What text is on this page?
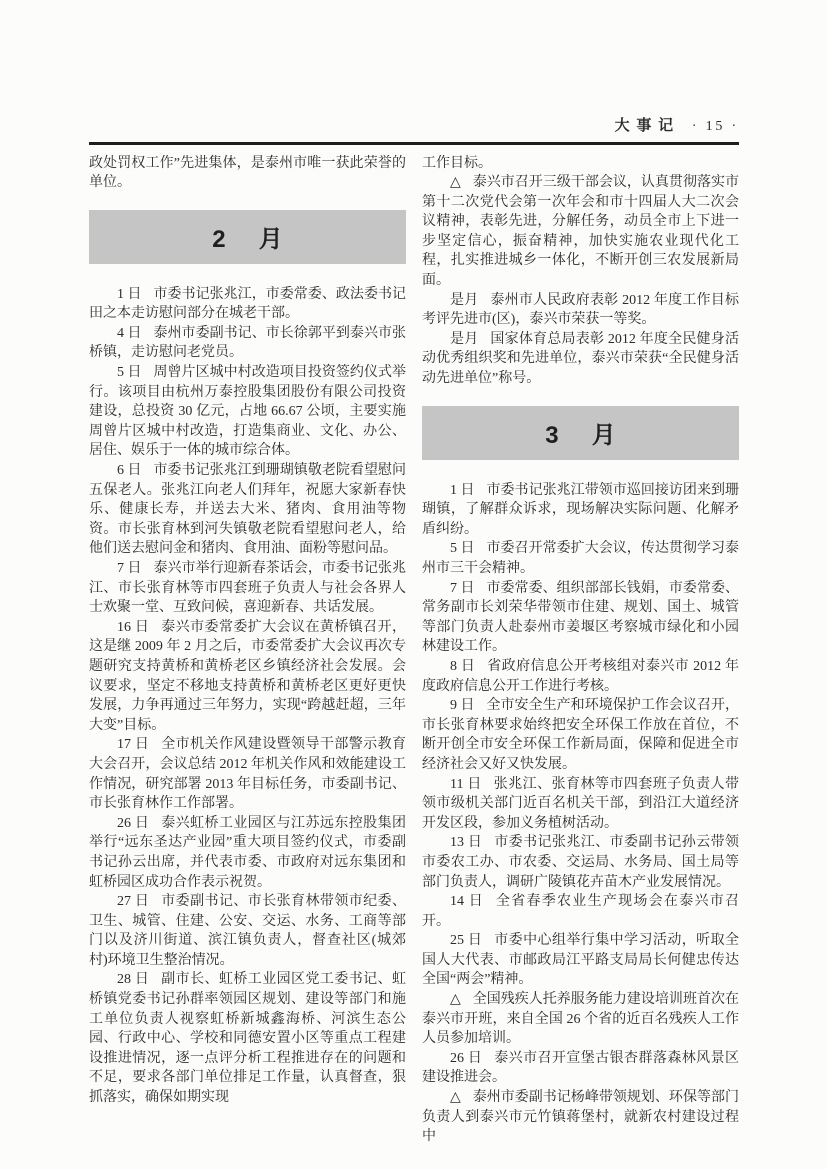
大事记 · 15 ·

政处罚权工作”先进集体，是泰州市唯一获此荣誉的单位。

2 月

1 日 市委书记张兆江，市委常委、政法委书记田之本走访慰问部分在城老干部。

4 日 泰州市委副书记、市长徐郭平到泰兴市张桥镇，走访慰问老党员。

5 日 周曾片区城中村改造项目投资签约仪式举行。该项目由杭州万泰控股集团股份有限公司投资建设，总投资 30 亿元，占地 66.67 公顷，主要实施周曾片区城中村改造，打造集商业、文化、办公、居住、娱乐于一体的城市综合体。

6 日 市委书记张兆江到珊瑚镇敬老院看望慰问五保老人。张兆江向老人们拜年，祝愿大家新春快乐、健康长寿，并送去大米、猪肉、食用油等物资。市长张育林到河失镇敬老院看望慰问老人，给他们送去慰问金和猪肉、食用油、面粉等慰问品。

7 日 泰兴市举行迎新春茶话会，市委书记张兆江、市长张育林等市四套班子负责人与社会各界人士欢聚一堂、互致问候，喜迎新春、共话发展。

16 日 泰兴市委常委扩大会议在黄桥镇召开，这是继 2009 年 2 月之后，市委常委扩大会议再次专题研究支持黄桥和黄桥老区乡镇经济社会发展。会议要求，坚定不移地支持黄桥和黄桥老区更好更快发展，力争再通过三年努力，实现“跨越赶超，三年大变”目标。

17 日 全市机关作风建设暨领导干部警示教育大会召开，会议总结 2012 年机关作风和效能建设工作情况，研究部署 2013 年目标任务，市委副书记、市长张育林作工作部署。

26 日 泰兴虹桥工业园区与江苏远东控股集团举行“远东圣达产业园”重大项目签约仪式，市委副书记孙云出席，并代表市委、市政府对远东集团和虹桥园区成功合作表示祝贺。

27 日 市委副书记、市长张育林带领市纪委、卫生、城管、住建、公安、交运、水务、工商等部门以及济川街道、滨江镇负责人，督查社区(城郊村)环境卫生整治情况。

28 日 副市长、虹桥工业园区党工委书记、虹桥镇党委书记孙群率领园区规划、建设等部门和施工单位负责人视察虹桥新城鑫海桥、河滨生态公园、行政中心、学校和同德安置小区等重点工程建设推进情况，逐一点评分析工程推进存在的问题和不足，要求各部门单位排足工作量，认真督查，狠抓落实，确保如期实现

工作目标。

△ 泰兴市召开三级干部会议，认真贯彻落实市第十二次党代会第一次年会和市十四届人大二次会议精神，表彰先进，分解任务，动员全市上下进一步坚定信心，振奋精神，加快实施农业现代化工程，扎实推进城乡一体化，不断开创三农发展新局面。

是月 泰州市人民政府表彰 2012 年度工作目标考评先进市(区)，泰兴市荣获一等奖。

是月 国家体育总局表彰 2012 年度全民健身活动优秀组织奖和先进单位，泰兴市荣获“全民健身活动先进单位”称号。

3 月

1 日 市委书记张兆江带领市巡回接访团来到珊瑚镇，了解群众诉求，现场解决实际问题、化解矛盾纠纷。

5 日 市委召开常委扩大会议，传达贯彻学习泰州市三干会精神。

7 日 市委常委、组织部部长钱娟，市委常委、常务副市长刘荣华带领市住建、规划、国土、城管等部门负责人赴泰州市姜堰区考察城市绿化和小园林建设工作。

8 日 省政府信息公开考核组对泰兴市 2012 年度政府信息公开工作进行考核。

9 日 全市安全生产和环境保护工作会议召开，市长张育林要求始终把安全环保工作放在首位，不断开创全市安全环保工作新局面，保障和促进全市经济社会又好又快发展。

11 日 张兆江、张育林等市四套班子负责人带领市级机关部门近百名机关干部，到沿江大道经济开发区段，参加义务植树活动。

13 日 市委书记张兆江、市委副书记孙云带领市委农工办、市农委、交运局、水务局、国土局等部门负责人，调研广陵镇花卉苗木产业发展情况。

14 日 全省春季农业生产现场会在泰兴市召开。

25 日 市委中心组举行集中学习活动，听取全国人大代表、市邮政局江平路支局局长何健忠传达全国“两会”精神。

△ 全国残疾人托养服务能力建设培训班首次在泰兴市开班，来自全国 26 个省的近百名残疾人工作人员参加培训。

26 日 泰兴市召开宣堡古银杏群落森林风景区建设推进会。

△ 泰州市委副书记杨峰带领规划、环保等部门负责人到泰兴市元竹镇蒋堡村，就新农村建设过程中
